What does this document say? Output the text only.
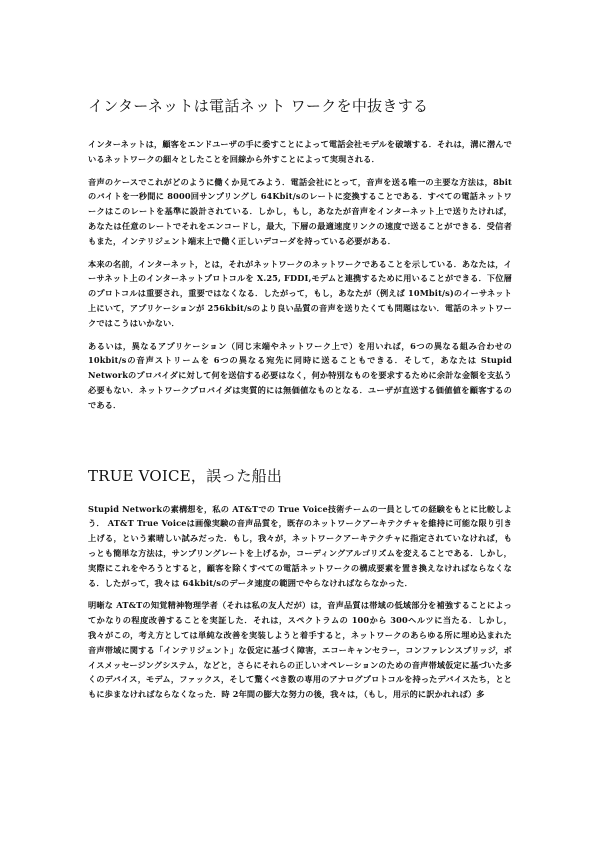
インターネットは電話ネット ワークを中抜きする

インターネットは，顧客をエンドユーザの手に委すことによって電話会社モデルを破壊する．それは，溝に潜んでいるネットワークの細々としたことを回線から外すことによって実現される．

音声のケースでこれがどのように働くか見てみよう．電話会社にとって，音声を送る唯一の主要な方法は，8bitのバイトを一秒間に 8000回サンプリングし 64Kbit/sのレートに変換することである．すべての電話ネットワークはこのレートを基準に設計されている．しかし，もし，あなたが音声をインターネット上で送りたければ，あなたは任意のレートでそれをエンコードし，最大，下層の最適速度リンクの速度で送ることができる．受信者もまた，インテリジェント端末上で働く正しいデコーダを持っている必要がある．

本来の名前，インターネット，とは，それがネットワークのネットワークであることを示している．あなたは，イーサネット上のインターネットプロトコルを X.25, FDDI,モデムと連携するために用いることができる．下位層のプロトコルは重要され，重要ではなくなる．したがって，もし，あなたが（例えば 10Mbit/s)のイーサネット上にいて，アプリケーションが 256kbit/sのより良い品質の音声を送りたくても問題はない．電話のネットワークではこうはいかない．

あるいは，異なるアプリケーション（同じ末端やネットワーク上で）を用いれば，6つの異なる組み合わせの 10kbit/sの音声ストリームを 6つの異なる宛先に同時に送ることもできる．そして，あなたは Stupid Networkのプロバイダに対して何を送信する必要はなく，何か特別なものを要求するために余計な金額を支払う必要もない．ネットワークプロバイダは実質的には無価値なものとなる．ユーザが直送する価値値を顧客するのである．

TRUE VOICE，誤った船出

Stupid Networkの素構想を，私の AT&Tでの True Voice技術チームの一員としての経験をもとに比較しよう． AT&T True Voiceは画像実験の音声品質を，既存のネットワークアーキテクチャを維持に可能な限り引き上げる，という素晴しい試みだった．もし，我々が，ネットワークアーキテクチャに指定されていなければ，もっとも簡単な方法は，サンプリングレートを上げるか，コーディングアルゴリズムを変えることである．しかし，実際にこれをやろうとすると，顧客を除くすべての電話ネットワークの構成要素を置き換えなければならなくなる．したがって，我々は 64kbit/sのデータ速度の範囲でやらなければならなかった．

明晰な AT&Tの知覚精神物理学者（それは私の友人だが）は，音声品質は帯域の低域部分を補強することによってかなりの程度改善することを実証した．それは，スペクトラムの 100から 300ヘルツに当たる．しかし，我々がこの，考え方としては単純な改善を実装しようと着手すると，ネットワークのあらゆる所に埋め込まれた音声帯域に関する「インテリジェント」な仮定に基づく障害，エコーキャンセラー，コンファレンスブリッジ，ボイスメッセージングシステム，などと，さらにそれらの正しいオペレーションのための音声帯域仮定に基づいた多くのデバイス，モデム，ファックス，そして驚くべき数の専用のアナログプロトコルを持ったデバイスたち，とともに歩まなければならなくなった．時 2年間の膨大な努力の後，我々は，（もし，用示的に訳かれれば）多
